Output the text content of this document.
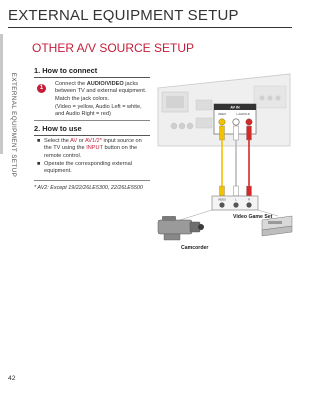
EXTERNAL EQUIPMENT SETUP
EXTERNAL EQUIPMENT SETUP
OTHER A/V SOURCE SETUP
1. How to connect
1
Connect the AUDIO/VIDEO jacks between TV and external equipment. Match the jack colors.
(Video = yellow, Audio Left = white, and Audio Right = red)
2. How to use
■ Select the AV or AV1/2* input source on the TV using the INPUT button on the remote control.
■ Operate the corresponding external equipment.
* AV2: Except 19/22/26LE5300, 22/26LE5500
AV IN
VIDEO	L-AUDIO-R
VIDEO	L	R
Video Game Set
Camcorder
42
